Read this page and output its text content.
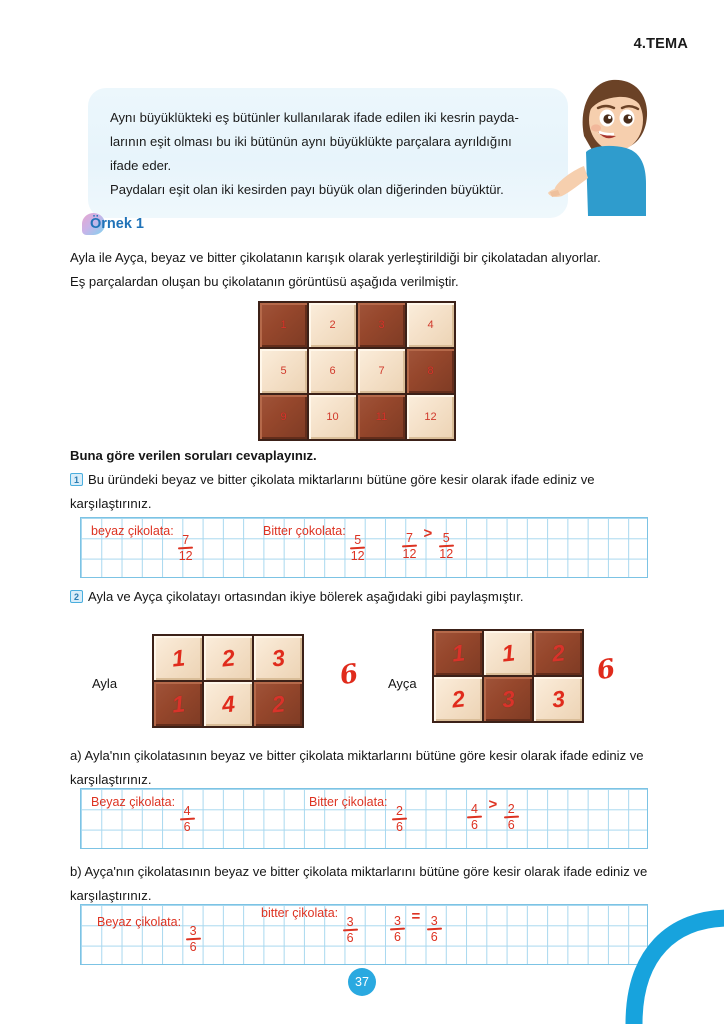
4.TEMA

Aynı büyüklükteki eş bütünler kullanılarak ifade edilen iki kesrin payda-

larının eşit olması bu iki bütünün aynı büyüklükte parçalara ayrıldığını

ifade eder.

Paydaları eşit olan iki kesirden payı büyük olan diğerinden büyüktür.

Örnek 1
Ayla ile Ayça, beyaz ve bitter çikolatanın karışık olarak yerleştirildiği bir çikolatadan alıyorlar.
Eş parçalardan oluşan bu çikolatanın görüntüsü aşağıda verilmiştir.
1	2	3	4
5	6	7	8
9	10	11	12
Buna göre verilen soruları cevaplayınız.
1 Bu üründeki beyaz ve bitter çikolata miktarlarını bütüne göre kesir olarak ifade ediniz ve karşılaştırınız.
beyaz çikolata:
$\frac{7}{12}$
Bitter çokolata:
$\frac{5}{12}$	$\frac{7}{12} > \frac{5}{12}$
2 Ayla ve Ayça çikolatayı ortasından ikiye bölerek aşağıdaki gibi paylaşmıştır.
Ayla
1 2 3
1 4 2
6 Ayça
1 1 2
2 3 3
6
a) Ayla'nın çikolatasının beyaz ve bitter çikolata miktarlarını bütüne göre kesir olarak ifade ediniz ve karşılaştırınız.
Beyaz çikolata:
$\frac{4}{6}$
Bitter çikolata:
$\frac{2}{6}$	$\frac{4}{6} > \frac{2}{6}$
b) Ayça'nın çikolatasının beyaz ve bitter çikolata miktarlarını bütüne göre kesir olarak ifade ediniz ve karşılaştırınız.
Beyaz çikolata:
$\frac{3}{6}$
bitter çikolata:
$\frac{3}{6}$	$\frac{3}{6} = \frac{3}{6}$
37
